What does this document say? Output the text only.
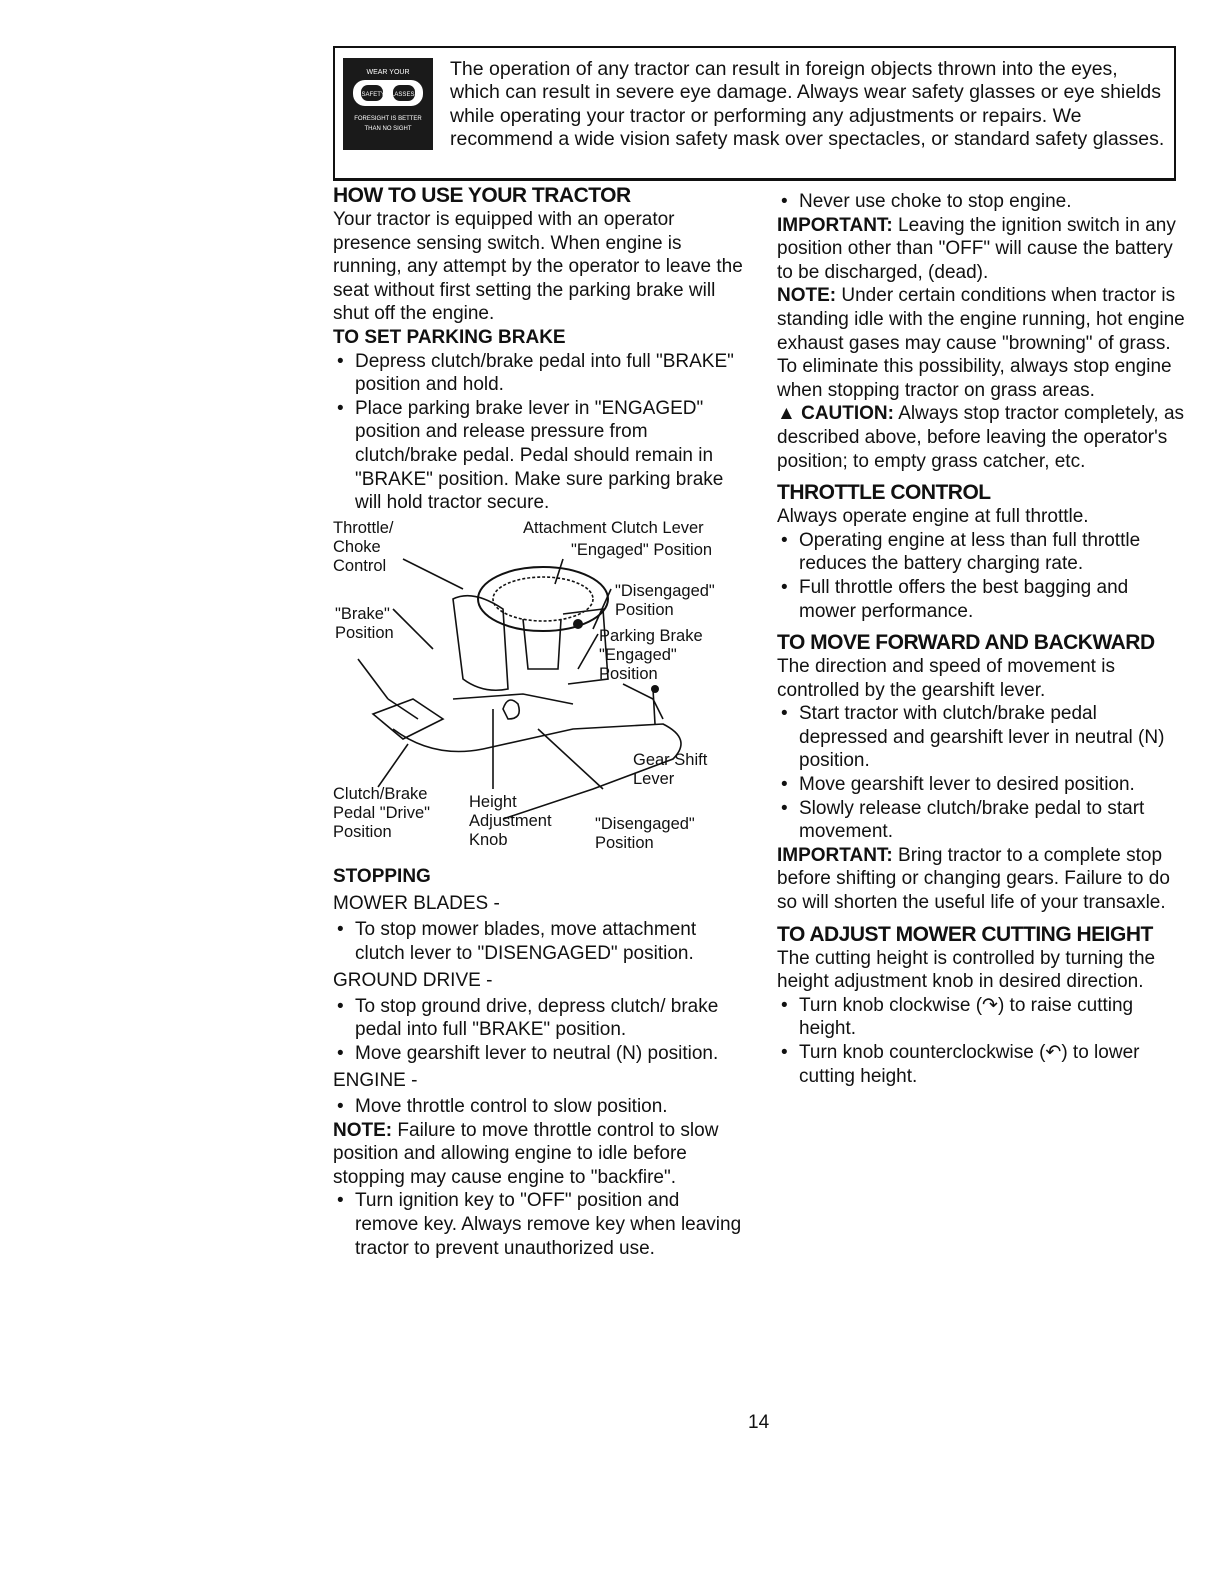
WEAR YOUR
SAFETY GLASSES
FORESIGHT IS BETTER
THAN NO SIGHT
The operation of any tractor can result in foreign objects thrown into the eyes, which can result in severe eye damage. Always wear safety glasses or eye shields while operating your tractor or performing any adjustments or repairs. We recommend a wide vision safety mask over spectacles, or standard safety glasses.
HOW TO USE YOUR TRACTOR

Your tractor is equipped with an operator presence sensing switch. When engine is running, any attempt by the operator to leave the seat without first setting the parking brake will shut off the engine.

TO SET PARKING BRAKE
• Depress clutch/brake pedal into full "BRAKE" position and hold.
• Place parking brake lever in "ENGAGED" position and release pressure from clutch/brake pedal. Pedal should remain in "BRAKE" position. Make sure parking brake will hold tractor secure.
Throttle/ Choke Control
Attachment Clutch Lever
"Engaged" Position
"Disengaged" Position
"Brake" Position	Parking Brake "Engaged" Position
Gear Shift Lever
Clutch/Brake Pedal "Drive" Position
Height Adjustment Knob
"Disengaged" Position
STOPPING

MOWER BLADES -

• To stop mower blades, move attachment clutch lever to "DISENGAGED" position.

GROUND DRIVE -

• To stop ground drive, depress clutch/ brake pedal into full "BRAKE" position.
• Move gearshift lever to neutral (N) position.

ENGINE -

• Move throttle control to slow position.

NOTE: Failure to move throttle control to slow position and allowing engine to idle before stopping may cause engine to "backfire".

• Turn ignition key to "OFF" position and remove key. Always remove key when leaving tractor to prevent unauthorized use.
• Never use choke to stop engine.

IMPORTANT: Leaving the ignition switch in any position other than "OFF" will cause the battery to be discharged, (dead).

NOTE: Under certain conditions when tractor is standing idle with the engine running, hot engine exhaust gases may cause "browning" of grass. To eliminate this possibility, always stop engine when stopping tractor on grass areas.

▲ CAUTION: Always stop tractor completely, as described above, before leaving the operator's position; to empty grass catcher, etc.

THROTTLE CONTROL

Always operate engine at full throttle.

• Operating engine at less than full throttle reduces the battery charging rate.
• Full throttle offers the best bagging and mower performance.
TO MOVE FORWARD AND BACKWARD

The direction and speed of movement is controlled by the gearshift lever.

• Start tractor with clutch/brake pedal depressed and gearshift lever in neutral (N) position.
• Move gearshift lever to desired position.
• Slowly release clutch/brake pedal to start movement.

IMPORTANT: Bring tractor to a complete stop before shifting or changing gears. Failure to do so will shorten the useful life of your transaxle.

TO ADJUST MOWER CUTTING HEIGHT

The cutting height is controlled by turning the height adjustment knob in desired direction.

• Turn knob clockwise (↷) to raise cutting height.
• Turn knob counterclockwise (↶) to lower cutting height.
14
